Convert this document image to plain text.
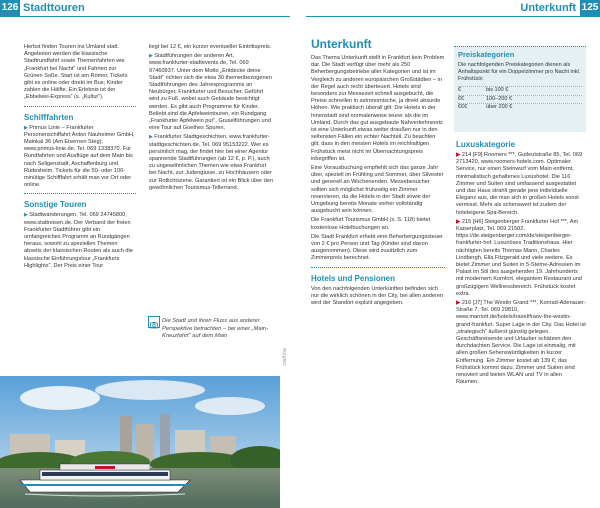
126 Stadttouren	Unterkunft 125

Herbst finden Touren ins Umland statt. Angeboten werden die klassische Stadtrundfahrt sowie Themenfahrten wie „Frankfurt bei Nacht“ und Fahrten zur Grünen Soße. Start ist am Römer, Tickets gibt es online oder direkt im Bus; Kinder zahlen die Hälfte. Ein Erlebnis ist der „Ebbelwei-Express“ (s. „Kultur“).

Schifffahrten

▶ Primus Linie – Frankfurter Personenschiffahrt Anton Nauheimer GmbH, Mainkai 36 (Am Eisernen Steg), www.primus-linie.de, Tel. 069 1338370. Für Rundfahrten und Ausflüge auf dem Main bis nach Seligenstadt, Aschaffenburg und Rüdesheim. Tickets für die 50- oder 100-minütige Schifffahrt erhält man vor Ort oder online.

Sonstige Touren

▶ Stadtwanderungen, Tel. 069 24745800, www.stattreisen.de. Der Verband der freien Frankfurter Stadtführer gibt ein umfangreiches Programm an Rundgängen heraus, sowohl zu speziellen Themen abseits der klassischen Routen als auch die klassische Einführungstour „Frankfurts Highlights“. Der Preis einer Tour

liegt bei 12 €, ein kurzer eventueller Eintrittspreis.

▶ Stadtführungen der anderen Art, www.frankfurter-stadtevents.de, Tel. 069 97460937. Unter dem Motto „Entdecke deine Stadt“ richten sich die etwa 30 themenbezogenen Stadtführungen des Jahresprogramms an Neubürger, Frankfurter und Besucher. Geführt wird zu Fuß, wobei auch Gebäude besichtigt werden. Es gibt auch Programme für Kinder. Beliebt sind die Apfelweintouren, ein Rundgang „Frankfurter Apfelwein pur“, Gruselführungen und eine Tour auf Goethes Spuren.

▶ Frankfurter Stadtgeschichten, www.frankfurter-stadtgeschichten.de, Tel. 069 95153222. Wer es persönlich mag, der findet hier bei einer Agentur spannende Stadtführungen (ab 12 €, p. P.), auch zu ungewöhnlichen Themen wie etwa Frankfurt bei Nacht, zur Judengasse, zu Hochhäusern oder zur Rotlichtszene. Garantiert ist ein Blick über den gewöhnlichen Tourismus-Tellerrand.

Die Stadt und ihren Fluss aus anderer Perspektive betrachten – bei einer „Main-Kreuzfahrt“ auf dem Main
126ff f/ss
Unterkunft

Das Thema Unterkunft stellt in Frankfurt kein Problem dar. Die Stadt verfügt über mehr als 250 Beherbergungsbetriebe aller Kategorien und ist im Vergleich zu anderen europäischen Großstädten – in der Regel auch recht überteuert. Hotels sind besonders zur Messezeit schnell ausgebucht, die Preise schnellen in astronomische, ja direkt absurde Höhen. Wie praktisch überall gilt: Die Hotels in der Innenstadt sind normalerweise teurer als die im Umland. Durch das gut ausgebaute Nahverkehrsnetz ist eine Unterkunft etwas weiter draußen nur in den seltensten Fällen ein echter Nachteil. Zu beachten gilt, dass in den meisten Hotels im reichhaltigen Frühstück meist nicht im Übernachtungspreis inbegriffen ist.

Eine Vorausbuchung empfiehlt sich das ganze Jahr über, speziell im Frühling und Sommer, über Silvester und generell an Wochenenden. Messebesucher sollten sich möglichst frühzeitig ein Zimmer reservieren, da die Hotels in der Stadt sowie der Umgebung bereits Monate vorher vollständig ausgebucht sein können.

Die Frankfurt Tourismus GmbH (s. S. 118) bietet kostenlose Hotelbuchungen an.

Die Stadt Frankfurt erhebt eine Beherbergungssteuer von 2 € pro Person und Tag (Kinder sind davon ausgenommen). Diese wird zusätzlich zum Zimmerpreis berechnet.

Hotels und Pensionen

Von den nachfolgenden Unterkünften befinden sich nur die wirklich schönen in der City, bei allen anderen wird der Standort explizit angegeben.

Preiskategorien
Die nachfolgenden Preiskategorien dienen als Anhaltspunkt für ein Doppelzimmer pro Nacht inkl. Frühstück:
€	bis 100 €
€€	100–200 €
€€€	über 200 €
Luxuskategorie

▶ 214 [F9] Roomers ***, Gutleutstraße 85, Tel. 069 2713420, www.roomers-hotels.com. Optimaler Service, nur einen Steinwurf vom Main entfernt, minimalistisch gehaltenes Luxushotel. Die 116 Zimmer und Suiten sind umfassend ausgestattet und das Haus strahlt gerade jene individuelle Eleganz aus, die man sich in großen Hotels sonst vermisst. Mehr als schenswert ist zudem der hoteleigene Spa-Bereich.

▶ 215 [H6] Steigenberger Frankfurter Hof ***, Am Kaiserplatz, Tel. 069 21502, https://de.steigenberger.com/de/steigenberger-frankfurter-hof. Luxuriöses Traditionshaus. Hier nächtigten bereits Thomas Mann, Charles Lindbergh, Ella Fitzgerald und viele weitere. Es bietet Zimmer und Suiten in 5-Sterne-Adressen im Palast im Stil des ausgehenden 19. Jahrhunderts mit modernem Komfort, elegantem Restaurant und großzügigem Wellnessbereich. Frühstück kostet extra.

▶ 216 [J7] The Westin Grand ***, Konrad-Adenauer-Straße 7, Tel. 069 29810, www.marriott.de/hotels/travel/fraov-the-westin-grand-frankfurt. Super Lage in der City. Das Hotel ist „strategisch“ äußerst günstig gelegen. Geschäftsreisende und Urlauber schätzen den durchdachten Service. Die Lage ist einmalig, mit allen großen Sehenswürdigkeiten in kurzer Entfernung. Ein Zimmer kostet ab 139 €; das Frühstück kommt dazu. Zimmer und Suiten sind renoviert und bieten WLAN und TV in allen Räumen.
